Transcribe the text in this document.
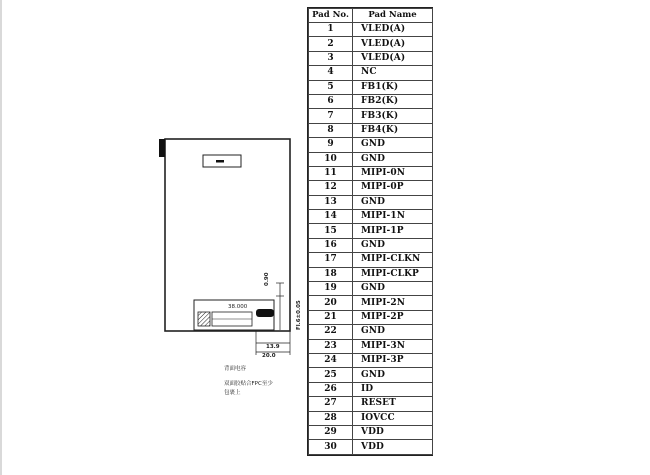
38.000
0.90
Fl.6±0.05
13.9
20.0
背面电容
双面胶贴合FPC至少
包裹上
Pad No.	Pad Name
1	VLED(A)
2	VLED(A)
3	VLED(A)
4	NC
5	FB1(K)
6	FB2(K)
7	FB3(K)
8	FB4(K)
9	GND
10	GND
11	MIPI-0N
12	MIPI-0P
13	GND
14	MIPI-1N
15	MIPI-1P
16	GND
17	MIPI-CLKN
18	MIPI-CLKP
19	GND
20	MIPI-2N
21	MIPI-2P
22	GND
23	MIPI-3N
24	MIPI-3P
25	GND
26	ID
27	RESET
28	IOVCC
29	VDD
30	VDD
